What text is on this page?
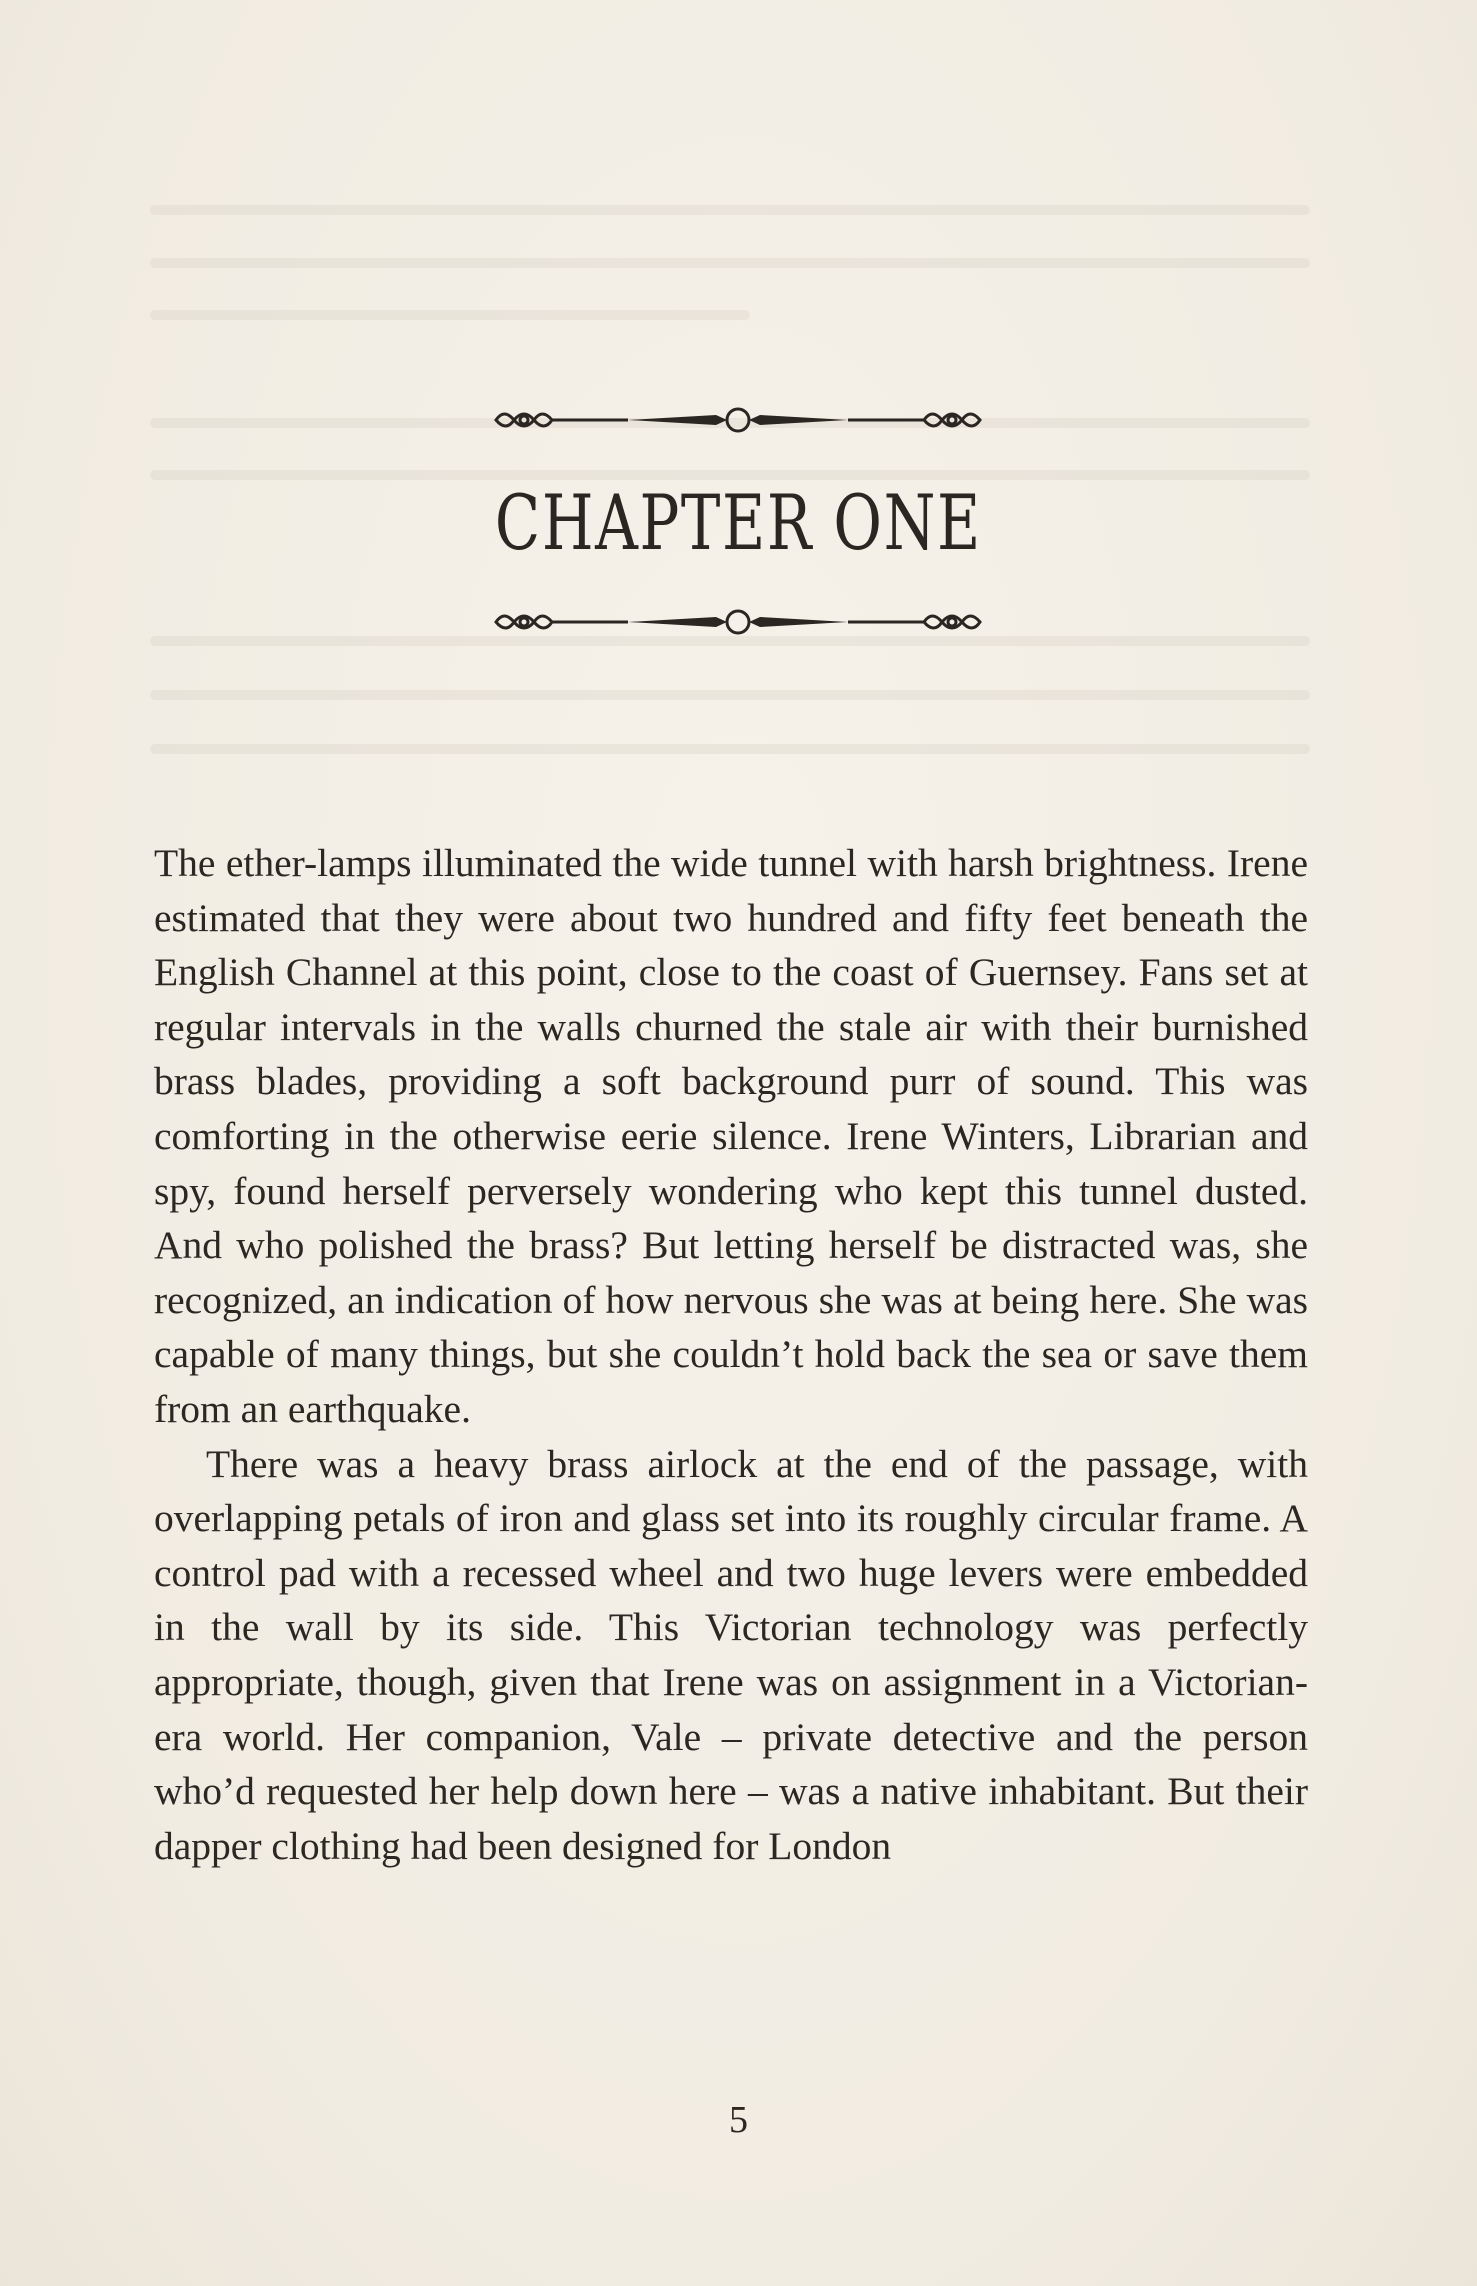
CHAPTER ONE

The ether-lamps illuminated the wide tunnel with harsh brightness. Irene estimated that they were about two hundred and fifty feet beneath the English Channel at this point, close to the coast of Guernsey. Fans set at regular intervals in the walls churned the stale air with their burnished brass blades, providing a soft background purr of sound. This was comforting in the otherwise eerie silence. Irene Winters, Librarian and spy, found herself perversely wondering who kept this tunnel dusted. And who polished the brass? But letting herself be distracted was, she recognized, an indication of how nervous she was at being here. She was capable of many things, but she couldn’t hold back the sea or save them from an earthquake.

There was a heavy brass airlock at the end of the passage, with overlapping petals of iron and glass set into its roughly circular frame. A control pad with a recessed wheel and two huge levers were embedded in the wall by its side. This Victorian technology was perfectly appropriate, though, given that Irene was on assignment in a Victorian-era world. Her companion, Vale – private detective and the person who’d requested her help down here – was a native inhabitant. But their dapper clothing had been designed for London

5
